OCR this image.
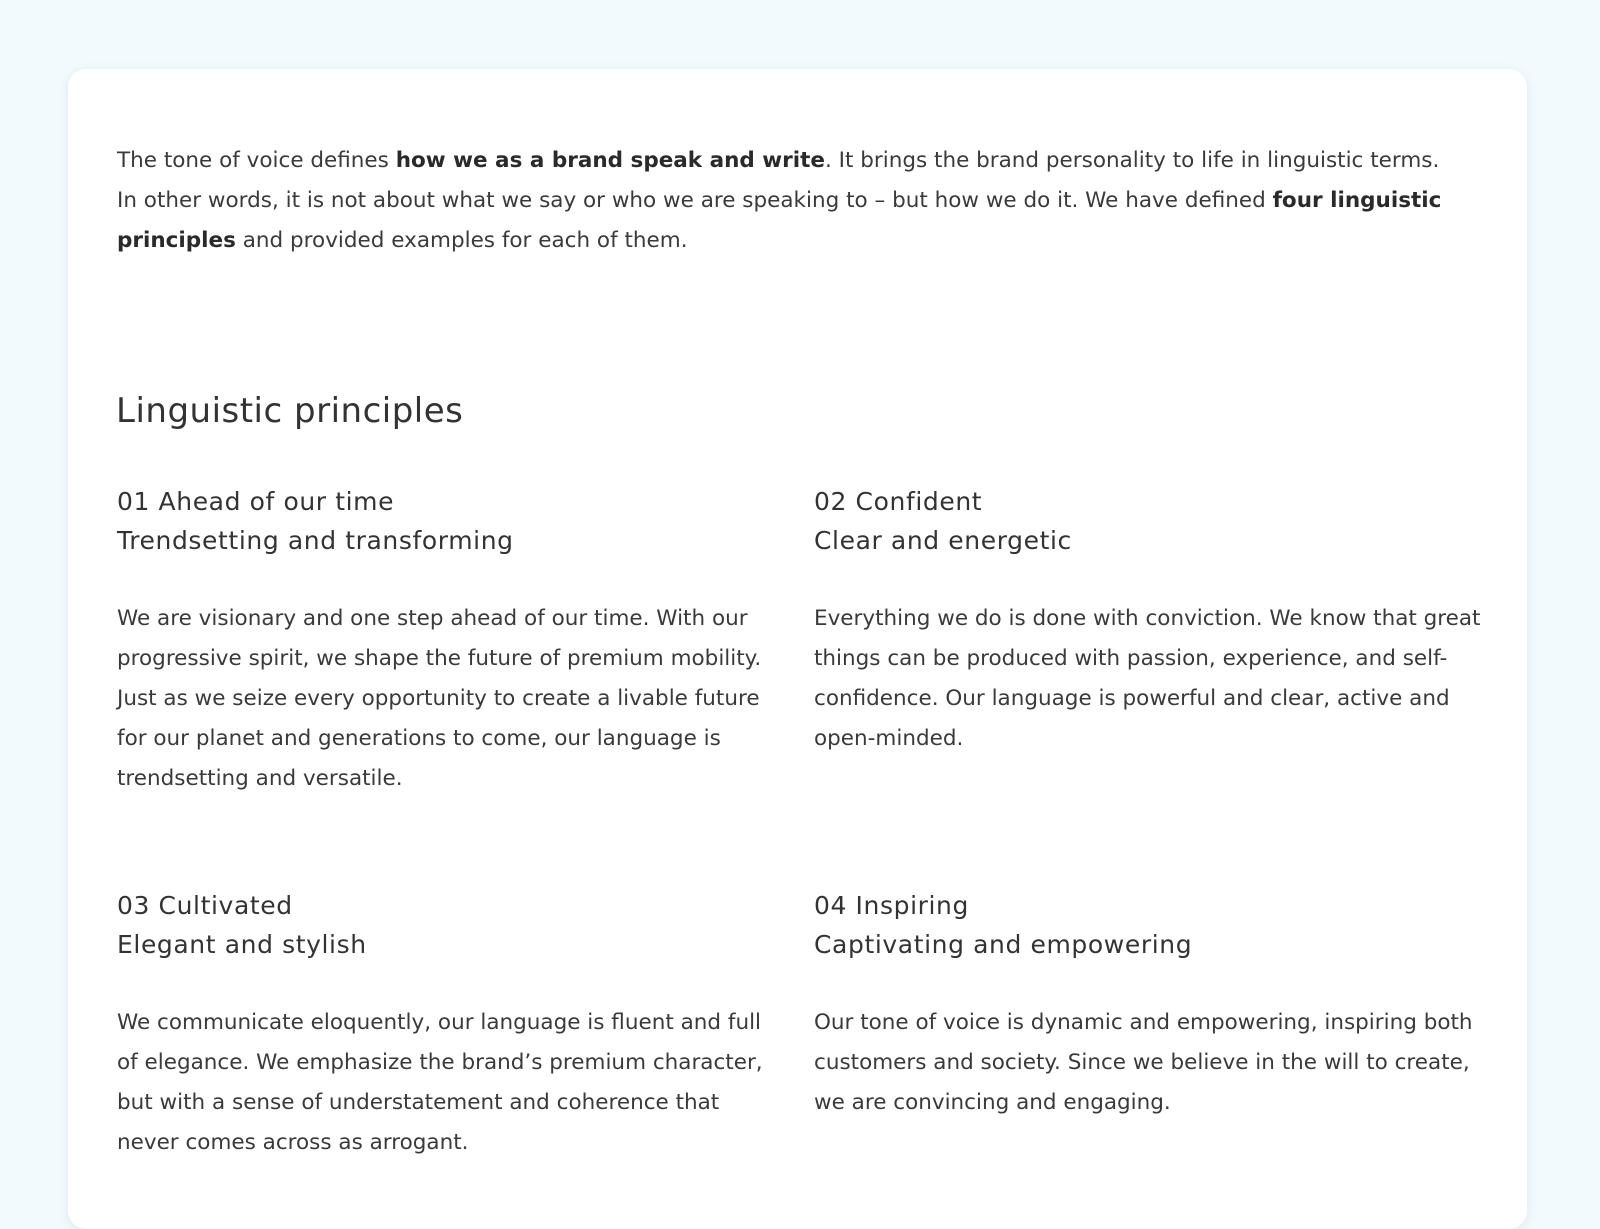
The tone of voice defines how we as a brand speak and write. It brings the brand personality to life in linguistic terms. In other words, it is not about what we say or who we are speaking to – but how we do it. We have defined four linguistic principles and provided examples for each of them.

Linguistic principles
01 Ahead of our time
Trendsetting and transforming

We are visionary and one step ahead of our time. With our progressive spirit, we shape the future of premium mobility. Just as we seize every opportunity to create a livable future for our planet and generations to come, our language is trendsetting and versatile.

02 Confident
Clear and energetic

Everything we do is done with conviction. We know that great things can be produced with passion, experience, and self-confidence. Our language is powerful and clear, active and open-minded.

03 Cultivated
Elegant and stylish

We communicate eloquently, our language is fluent and full of elegance. We emphasize the brand’s premium character, but with a sense of understatement and coherence that never comes across as arrogant.

04 Inspiring
Captivating and empowering

Our tone of voice is dynamic and empowering, inspiring both customers and society. Since we believe in the will to create, we are convincing and engaging.
